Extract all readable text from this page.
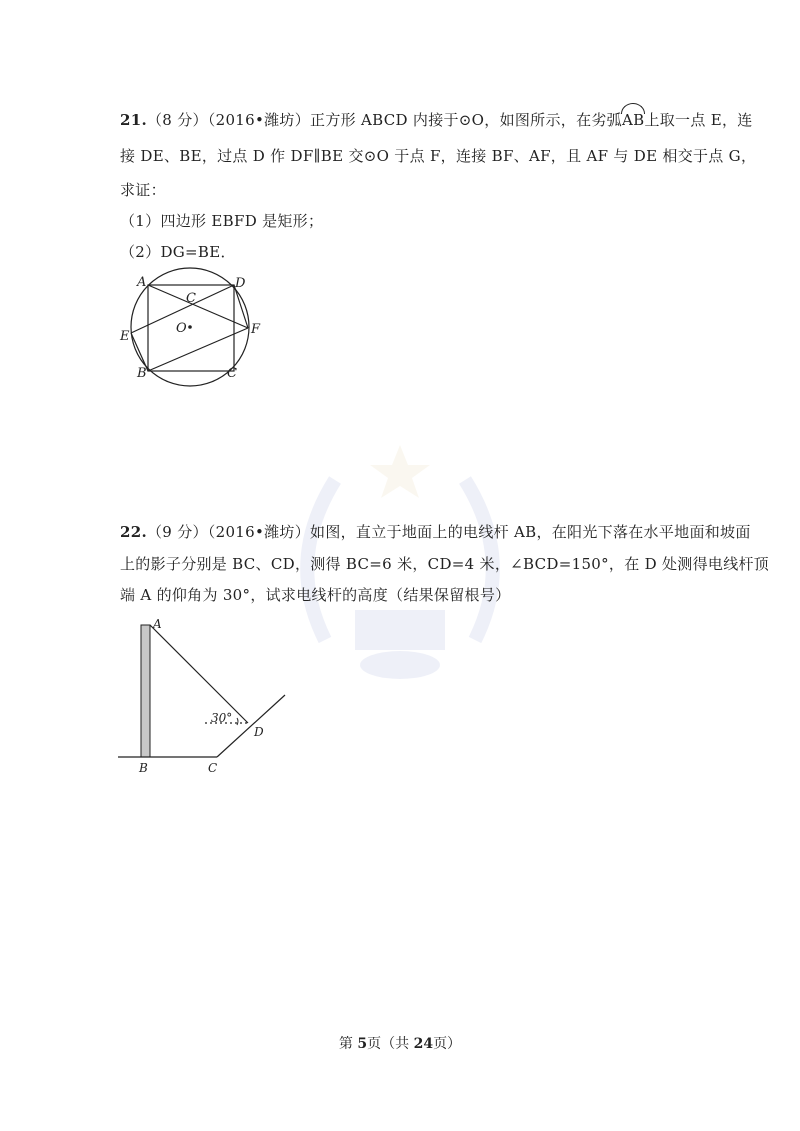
21.（8 分）（2016•潍坊）正方形 ABCD 内接于⊙O，如图所示，在劣弧AB上取一点 E，连
接 DE、BE，过点 D 作 DF∥BE 交⊙O 于点 F，连接 BF、AF，且 AF 与 DE 相交于点 G，
求证：
（1）四边形 EBFD 是矩形；
（2）DG=BE．
A	D
C
O
E	F
B	C
22.（9 分）（2016•潍坊）如图，直立于地面上的电线杆 AB，在阳光下落在水平地面和坡面
上的影子分别是 BC、CD，测得 BC=6 米，CD=4 米，∠BCD=150°，在 D 处测得电线杆顶
端 A 的仰角为 30°，试求电线杆的高度（结果保留根号）
A
30°
D
B	C
第 5页（共 24页）
